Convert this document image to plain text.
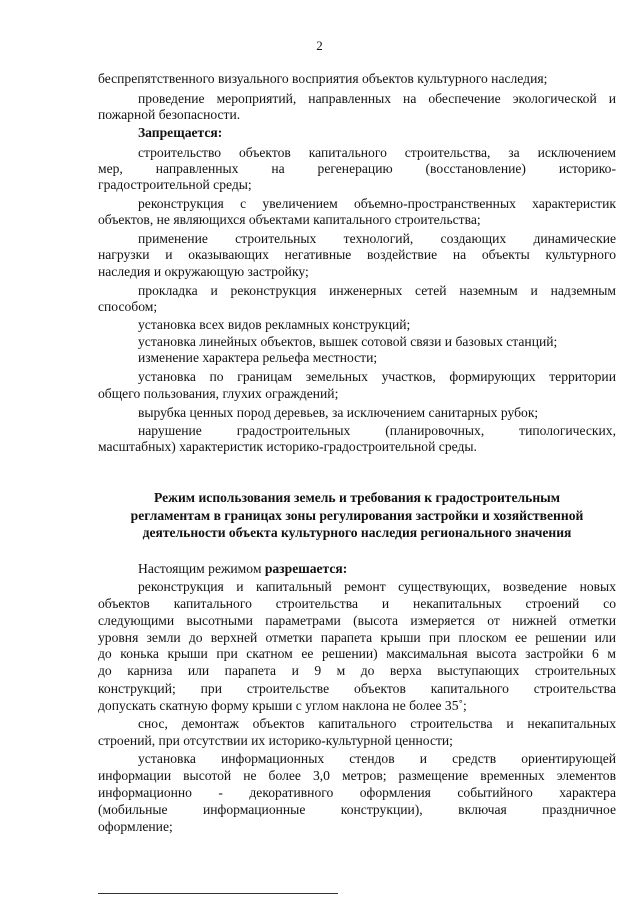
2
беспрепятственного визуального восприятия объектов культурного наследия;
проведение мероприятий, направленных на обеспечение экологической и
пожарной безопасности.
Запрещается:
строительство объектов капитального строительства, за исключением
мер, направленных на регенерацию (восстановление) историко-
градостроительной среды;
реконструкция с увеличением объемно-пространственных характеристик
объектов, не являющихся объектами капитального строительства;
применение строительных технологий, создающих динамические
нагрузки и оказывающих негативные воздействие на объекты культурного
наследия и окружающую застройку;
прокладка и реконструкция инженерных сетей наземным и надземным
способом;
установка всех видов рекламных конструкций;
установка линейных объектов, вышек сотовой связи и базовых станций;
изменение характера рельефа местности;
установка по границам земельных участков, формирующих территории
общего пользования, глухих ограждений;
вырубка ценных пород деревьев, за исключением санитарных рубок;
нарушение градостроительных (планировочных, типологических,
масштабных) характеристик историко-градостроительной среды.
Режим использования земель и требования к градостроительным
регламентам в границах зоны регулирования застройки и хозяйственной
деятельности объекта культурного наследия регионального значения
Настоящим режимом разрешается:
реконструкция и капитальный ремонт существующих, возведение новых
объектов капитального строительства и некапитальных строений со
следующими высотными параметрами (высота измеряется от нижней отметки
уровня земли до верхней отметки парапета крыши при плоском ее решении или
до конька крыши при скатном ее решении) максимальная высота застройки 6 м
до карниза или парапета и 9 м до верха выступающих строительных
конструкций; при строительстве объектов капитального строительства
допускать скатную форму крыши с углом наклона не более 35˚;
снос, демонтаж объектов капитального строительства и некапитальных
строений, при отсутствии их историко-культурной ценности;
установка информационных стендов и средств ориентирующей
информации высотой не более 3,0 метров; размещение временных элементов
информационно - декоративного оформления событийного характера
(мобильные информационные конструкции), включая праздничное
оформление;
